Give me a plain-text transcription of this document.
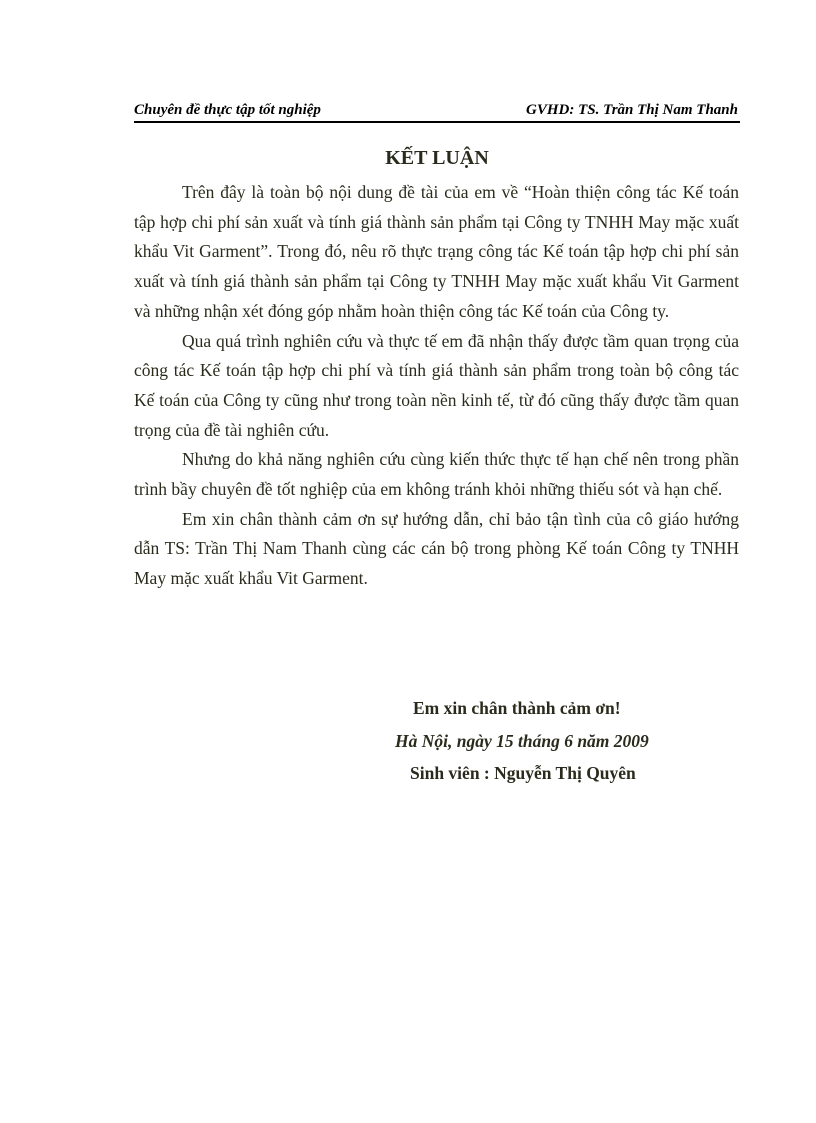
Chuyên đề thực tập tốt nghiệp	GVHD: TS. Trần Thị Nam Thanh
KẾT LUẬN

Trên đây là toàn bộ nội dung đề tài của em về “Hoàn thiện công tác Kế toán tập hợp chi phí sản xuất và tính giá thành sản phẩm tại Công ty TNHH May mặc xuất khẩu Vit Garment”. Trong đó, nêu rõ thực trạng công tác Kế toán tập hợp chi phí sản xuất và tính giá thành sản phẩm tại Công ty TNHH May mặc xuất khẩu Vit Garment và những nhận xét đóng góp nhằm hoàn thiện công tác Kế toán của Công ty.

Qua quá trình nghiên cứu và thực tế em đã nhận thấy được tầm quan trọng của công tác Kế toán tập hợp chi phí và tính giá thành sản phẩm trong toàn bộ công tác Kế toán của Công ty cũng như trong toàn nền kinh tế, từ đó cũng thấy được tầm quan trọng của đề tài nghiên cứu.

Nhưng do khả năng nghiên cứu cùng kiến thức thực tế hạn chế nên trong phần trình bầy chuyên đề tốt nghiệp của em không tránh khỏi những thiếu sót và hạn chế.

Em xin chân thành cảm ơn sự hướng dẫn, chỉ bảo tận tình của cô giáo hướng dẫn TS: Trần Thị Nam Thanh cùng các cán bộ trong phòng Kế toán Công ty TNHH May mặc xuất khẩu Vit Garment.

Em xin chân thành cảm ơn!
Hà Nội, ngày 15 tháng 6 năm 2009
Sinh viên : Nguyễn Thị Quyên
